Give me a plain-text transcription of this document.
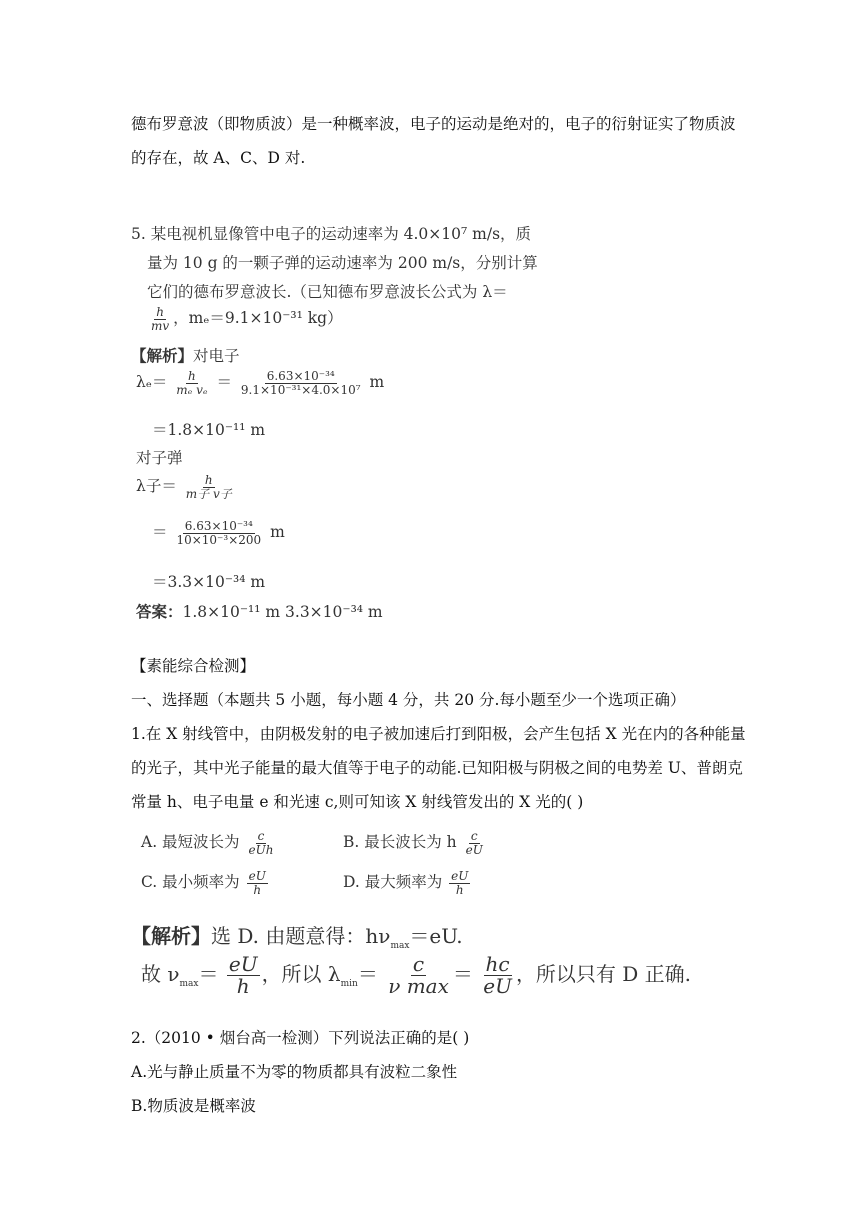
德布罗意波（即物质波）是一种概率波，电子的运动是绝对的，电子的衍射证实了物质波
的存在，故 A、C、D 对.
5. 某电视机显像管中电子的运动速率为 4.0×10⁷ m/s，质
量为 10 g 的一颗子弹的运动速率为 200 m/s，分别计算
它们的德布罗意波长.（已知德布罗意波长公式为 λ＝
$\frac{h}{mv}$ ，mₑ＝9.1×10⁻³¹ kg）
【解析】对电子
$\lambda_e= \frac{h}{\text{mₑ vₑ}} = \frac{\text{6.63×10⁻³⁴}}{\text{9.1×10⁻³¹×4.0×10⁷}}$ m
＝1.8×10⁻¹¹ m
对子弹
λ子＝ $\frac{h}{\text{m子 v子}}$
＝ $\frac{\text{6.63×10⁻³⁴}}{\text{10×10⁻³×200}}$ m
＝3.3×10⁻³⁴ m
答案：1.8×10⁻¹¹ m 3.3×10⁻³⁴ m
【素能综合检测】
一、选择题（本题共 5 小题，每小题 4 分，共 20 分.每小题至少一个选项正确）
1.在 X 射线管中，由阴极发射的电子被加速后打到阳极，会产生包括 X 光在内的各种能量
的光子，其中光子能量的最大值等于电子的动能.已知阳极与阴极之间的电势差 U、普朗克
常量 h、电子电量 e 和光速 c,则可知该 X 射线管发出的 X 光的( )
A. 最短波长为 $\frac{c}{\text{eUh}}$	B. 最长波长为 h $\frac{c}{eU}$
C. 最小频率为 $\frac{eU}{h}$	D. 最大频率为 $\frac{eU}{h}$
【解析】选 D. 由题意得：$h\nu_{max}=eU$.
故 $\nu_{max}= \frac{eU}{h}$ ，所以 $\lambda_{min}= \frac{c}{\text{ν max}} = \frac{hc}{eU}$ ，所以只有 D 正确.
2.（2010 • 烟台高一检测）下列说法正确的是( )
A.光与静止质量不为零的物质都具有波粒二象性
B.物质波是概率波
